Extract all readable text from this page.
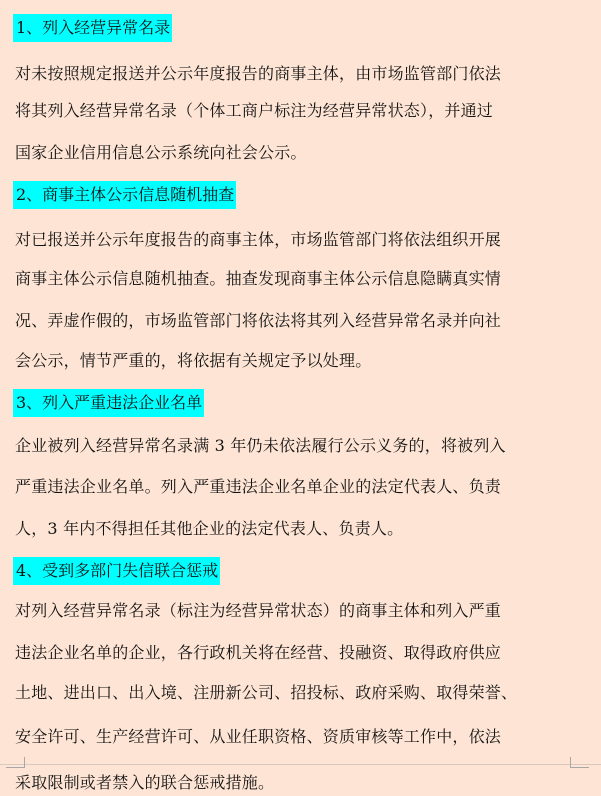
1、列入经营异常名录
对未按照规定报送并公示年度报告的商事主体，由市场监管部门依法
将其列入经营异常名录（个体工商户标注为经营异常状态），并通过
国家企业信用信息公示系统向社会公示。
2、商事主体公示信息随机抽查
对已报送并公示年度报告的商事主体，市场监管部门将依法组织开展
商事主体公示信息随机抽查。抽查发现商事主体公示信息隐瞒真实情
况、弄虚作假的，市场监管部门将依法将其列入经营异常名录并向社
会公示，情节严重的，将依据有关规定予以处理。
3、列入严重违法企业名单
企业被列入经营异常名录满 3 年仍未依法履行公示义务的，将被列入
严重违法企业名单。列入严重违法企业名单企业的法定代表人、负责
人，3 年内不得担任其他企业的法定代表人、负责人。
4、受到多部门失信联合惩戒
对列入经营异常名录（标注为经营异常状态）的商事主体和列入严重
违法企业名单的企业，各行政机关将在经营、投融资、取得政府供应
土地、进出口、出入境、注册新公司、招投标、政府采购、取得荣誉、
安全许可、生产经营许可、从业任职资格、资质审核等工作中，依法
采取限制或者禁入的联合惩戒措施。
